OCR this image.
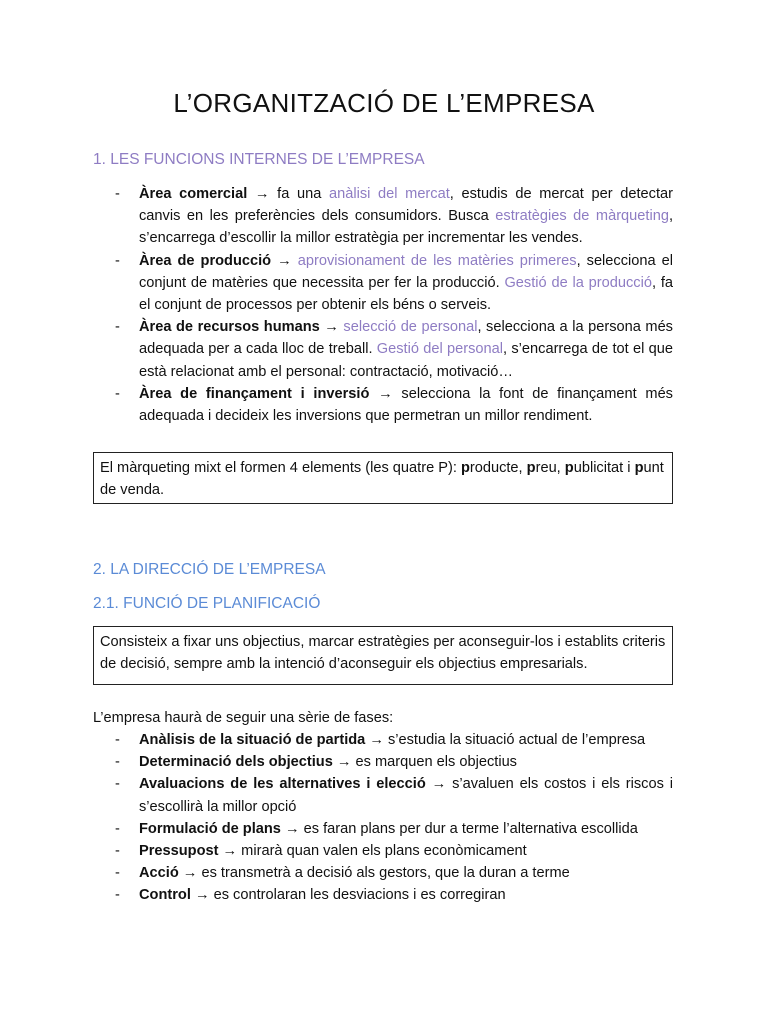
L’ORGANITZACIÓ DE L’EMPRESA
1. LES FUNCIONS INTERNES DE L’EMPRESA
- Àrea comercial → fa una anàlisi del mercat, estudis de mercat per detectar canvis en les preferències dels consumidors. Busca estratègies de màrqueting, s’encarrega d’escollir la millor estratègia per incrementar les vendes.
- Àrea de producció → aprovisionament de les matèries primeres, selecciona el conjunt de matèries que necessita per fer la producció. Gestió de la producció, fa el conjunt de processos per obtenir els béns o serveis.
- Àrea de recursos humans → selecció de personal, selecciona a la persona més adequada per a cada lloc de treball. Gestió del personal, s’encarrega de tot el que està relacionat amb el personal: contractació, motivació…
- Àrea de finançament i inversió → selecciona la font de finançament més adequada i decideix les inversions que permetran un millor rendiment.
El màrqueting mixt el formen 4 elements (les quatre P): producte, preu, publicitat i punt de venda.
2. LA DIRECCIÓ DE L’EMPRESA
2.1. FUNCIÓ DE PLANIFICACIÓ
Consisteix a fixar uns objectius, marcar estratègies per aconseguir-los i establits criteris de decisió, sempre amb la intenció d’aconseguir els objectius empresarials.
L’empresa haurà de seguir una sèrie de fases:
- Anàlisis de la situació de partida → s’estudia la situació actual de l’empresa
- Determinació dels objectius → es marquen els objectius
- Avaluacions de les alternatives i elecció → s’avaluen els costos i els riscos i s’escollirà la millor opció
- Formulació de plans → es faran plans per dur a terme l’alternativa escollida
- Pressupost → mirarà quan valen els plans econòmicament
- Acció → es transmetrà a decisió als gestors, que la duran a terme
- Control → es controlaran les desviacions i es corregiran
